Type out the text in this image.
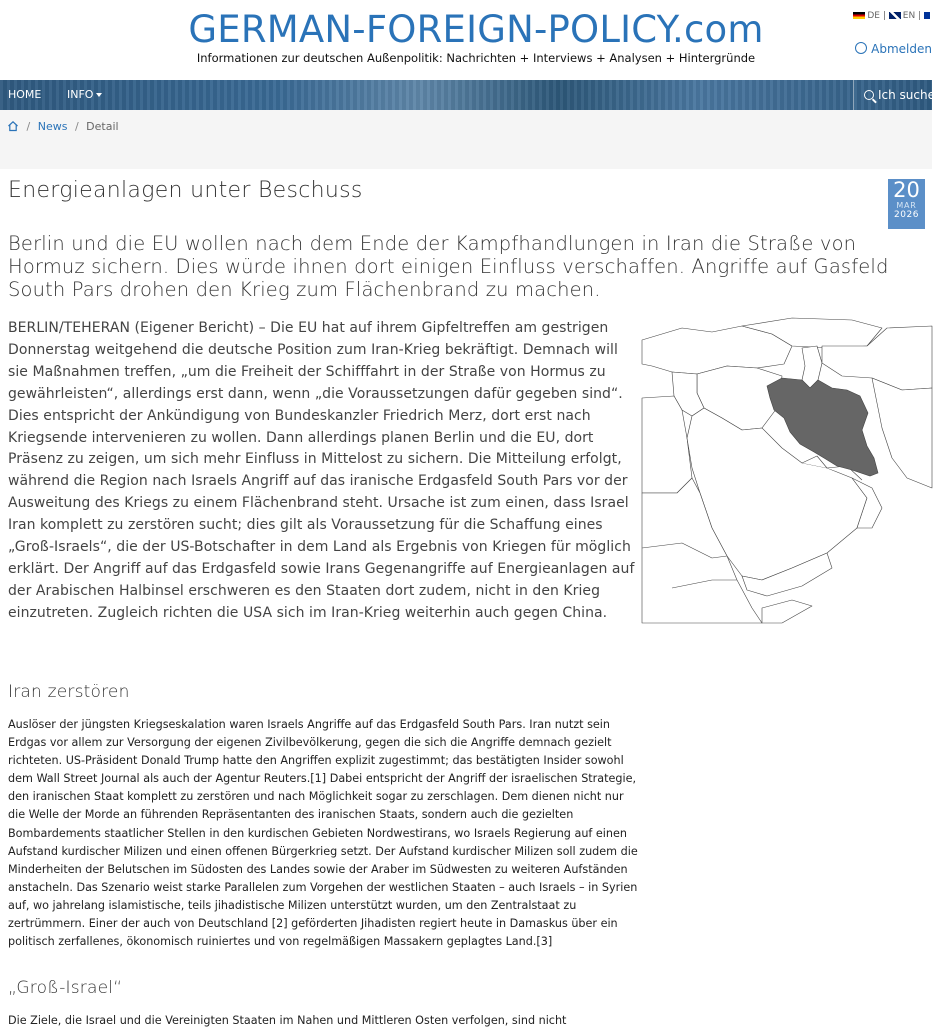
GERMAN-FOREIGN-POLICY.com
Informationen zur deutschen Außenpolitik: Nachrichten + Interviews + Analysen + Hintergründe
DE | EN |
Abmelden
HOME INFO	Ich suchen
/ News / Detail
Energieanlagen unter Beschuss	20
MAR
2026
Berlin und die EU wollen nach dem Ende der Kampfhandlungen in Iran die Straße von Hormuz sichern. Dies würde ihnen dort einigen Einfluss verschaffen. Angriffe auf Gasfeld South Pars drohen den Krieg zum Flächenbrand zu machen.
BERLIN/TEHERAN (Eigener Bericht) – Die EU hat auf ihrem Gipfeltreffen am gestrigen Donnerstag weitgehend die deutsche Position zum Iran-Krieg bekräftigt. Demnach will sie Maßnahmen treffen, „um die Freiheit der Schifffahrt in der Straße von Hormus zu gewährleisten“, allerdings erst dann, wenn „die Voraussetzungen dafür gegeben sind“. Dies entspricht der Ankündigung von Bundeskanzler Friedrich Merz, dort erst nach Kriegsende intervenieren zu wollen. Dann allerdings planen Berlin und die EU, dort Präsenz zu zeigen, um sich mehr Einfluss in Mittelost zu sichern. Die Mitteilung erfolgt, während die Region nach Israels Angriff auf das iranische Erdgasfeld South Pars vor der Ausweitung des Kriegs zu einem Flächenbrand steht. Ursache ist zum einen, dass Israel Iran komplett zu zerstören sucht; dies gilt als Voraussetzung für die Schaffung eines „Groß-Israels“, die der US-Botschafter in dem Land als Ergebnis von Kriegen für möglich erklärt. Der Angriff auf das Erdgasfeld sowie Irans Gegenangriffe auf Energieanlagen auf der Arabischen Halbinsel erschweren es den Staaten dort zudem, nicht in den Krieg einzutreten. Zugleich richten die USA sich im Iran-Krieg weiterhin auch gegen China.
Iran zerstören
Auslöser der jüngsten Kriegseskalation waren Israels Angriffe auf das Erdgasfeld South Pars. Iran nutzt sein Erdgas vor allem zur Versorgung der eigenen Zivilbevölkerung, gegen die sich die Angriffe demnach gezielt richteten. US-Präsident Donald Trump hatte den Angriffen explizit zugestimmt; das bestätigten Insider sowohl dem Wall Street Journal als auch der Agentur Reuters.[1] Dabei entspricht der Angriff der israelischen Strategie, den iranischen Staat komplett zu zerstören und nach Möglichkeit sogar zu zerschlagen. Dem dienen nicht nur die Welle der Morde an führenden Repräsentanten des iranischen Staats, sondern auch die gezielten Bombardements staatlicher Stellen in den kurdischen Gebieten Nordwestirans, wo Israels Regierung auf einen Aufstand kurdischer Milizen und einen offenen Bürgerkrieg setzt. Der Aufstand kurdischer Milizen soll zudem die Minderheiten der Belutschen im Südosten des Landes sowie der Araber im Südwesten zu weiteren Aufständen anstacheln. Das Szenario weist starke Parallelen zum Vorgehen der westlichen Staaten – auch Israels – in Syrien auf, wo jahrelang islamistische, teils jihadistische Milizen unterstützt wurden, um den Zentralstaat zu zertrümmern. Einer der auch von Deutschland [2] geförderten Jihadisten regiert heute in Damaskus über ein politisch zerfallenes, ökonomisch ruiniertes und von regelmäßigen Massakern geplagtes Land.[3]
„Groß-Israel“
Die Ziele, die Israel und die Vereinigten Staaten im Nahen und Mittleren Osten verfolgen, sind nicht
